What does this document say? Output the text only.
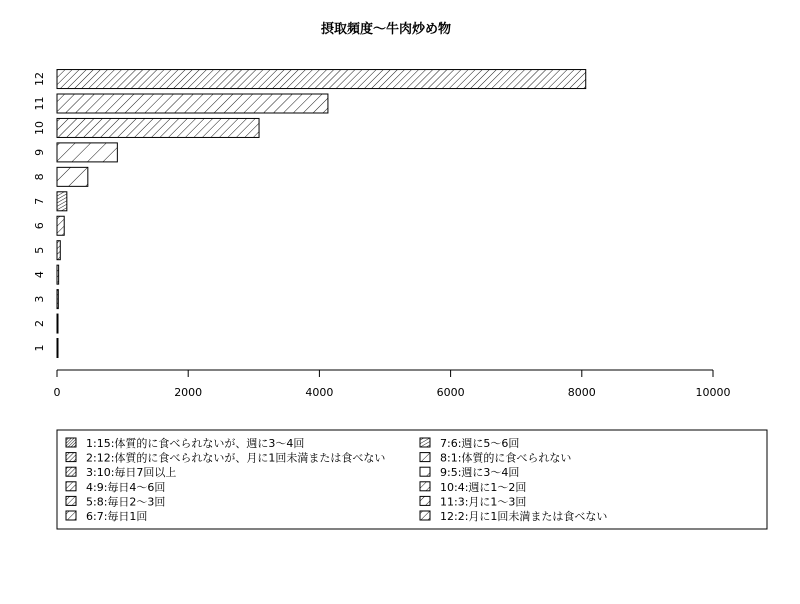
摂取頻度～牛肉炒め物
1
2
3
4
5
6
7
8
9
10
11
12
0	2000	4000	6000	8000	10000
1:15:体質的に食べられないが、週に3～4回
2:12:体質的に食べられないが、月に1回未満または食べない
3:10:毎日7回以上
4:9:毎日4～6回
5:8:毎日2～3回
6:7:毎日1回
7:6:週に5～6回
8:1:体質的に食べられない
9:5:週に3～4回
10:4:週に1～2回
11:3:月に1～3回
12:2:月に1回未満または食べない
